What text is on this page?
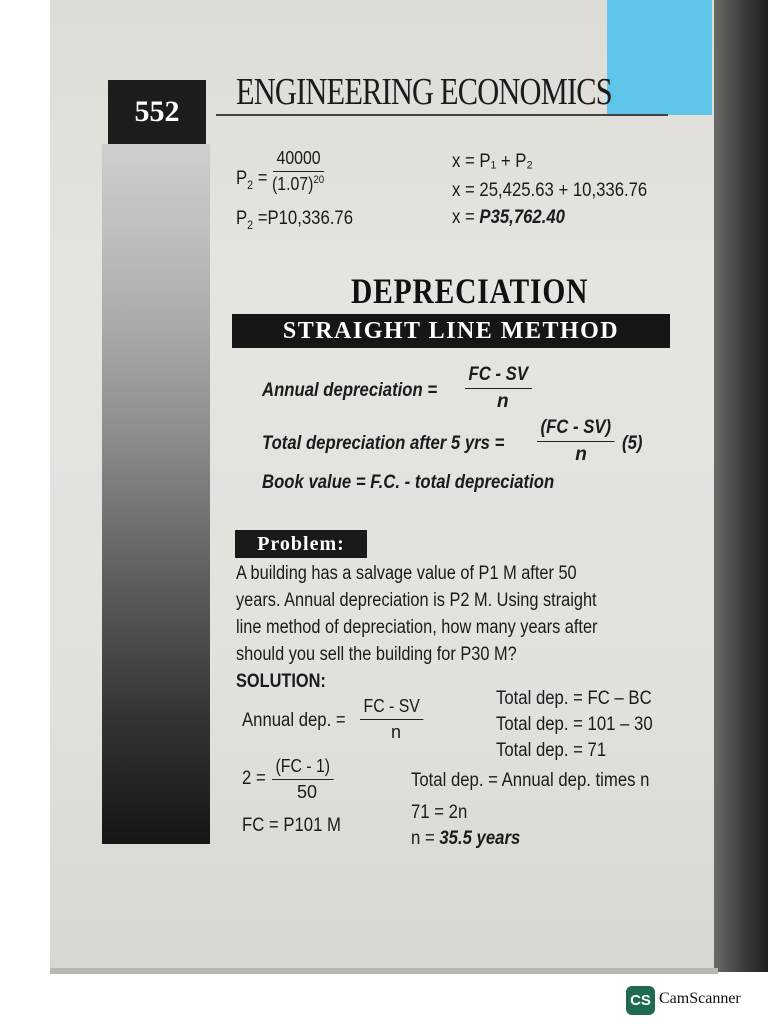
552 ENGINEERING ECONOMICS
$P_2 = \frac{40000}{(1.07)^{20}}$
$P_2 =P10,336.76$
x = P₁ + P₂
x = 25,425.63 + 10,336.76
x = P35,762.40
DEPRECIATION
STRAIGHT LINE METHOD
Annual depreciation = $\frac{FC - SV}{n}$
Total depreciation after 5 yrs = $\frac{(FC - SV)}{n}$
(5)
Book value = F.C. - total depreciation
Problem:
A building has a salvage value of P1 M after 50
years. Annual depreciation is P2 M. Using straight
line method of depreciation, how many years after
should you sell the building for P30 M?
SOLUTION:
Annual dep. = $\frac{FC - SV}{n}$
$2 = \frac{(FC - 1)}{50}$
FC = P101 M
Total dep. = FC – BC
Total dep. = 101 – 30
Total dep. = 71
Total dep. = Annual dep. times n
71 = 2n
n = 35.5 years
CS CamScanner
